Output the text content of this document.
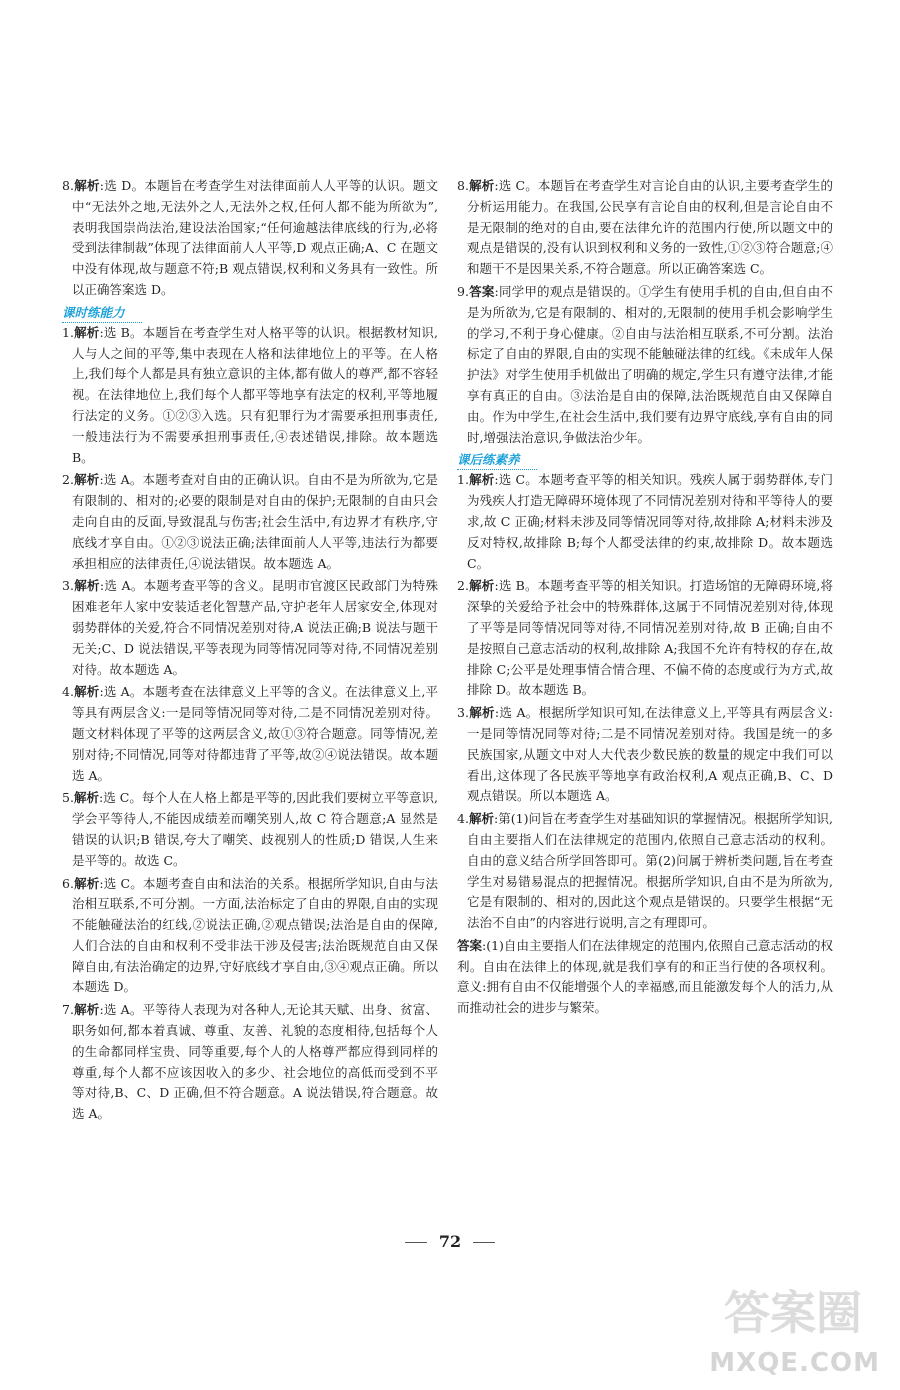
8.解析:选 D。本题旨在考查学生对法律面前人人平等的认识。题文中“无法外之地,无法外之人,无法外之权,任何人都不能为所欲为”,表明我国崇尚法治,建设法治国家;“任何逾越法律底线的行为,必将受到法律制裁”体现了法律面前人人平等,D 观点正确;A、C 在题文中没有体现,故与题意不符;B 观点错误,权利和义务具有一致性。所以正确答案选 D。

课时练能力

1.解析:选 B。本题旨在考查学生对人格平等的认识。根据教材知识,人与人之间的平等,集中表现在人格和法律地位上的平等。在人格上,我们每个人都是具有独立意识的主体,都有做人的尊严,都不容轻视。在法律地位上,我们每个人都平等地享有法定的权利,平等地履行法定的义务。①②③入选。只有犯罪行为才需要承担刑事责任,一般违法行为不需要承担刑事责任,④表述错误,排除。故本题选 B。

2.解析:选 A。本题考查对自由的正确认识。自由不是为所欲为,它是有限制的、相对的;必要的限制是对自由的保护;无限制的自由只会走向自由的反面,导致混乱与伤害;社会生活中,有边界才有秩序,守底线才享自由。①②③说法正确;法律面前人人平等,违法行为都要承担相应的法律责任,④说法错误。故本题选 A。

3.解析:选 A。本题考查平等的含义。昆明市官渡区民政部门为特殊困难老年人家中安装适老化智慧产品,守护老年人居家安全,体现对弱势群体的关爱,符合不同情况差别对待,A 说法正确;B 说法与题干无关;C、D 说法错误,平等表现为同等情况同等对待,不同情况差别对待。故本题选 A。

4.解析:选 A。本题考查在法律意义上平等的含义。在法律意义上,平等具有两层含义:一是同等情况同等对待,二是不同情况差别对待。题文材料体现了平等的这两层含义,故①③符合题意。同等情况,差别对待;不同情况,同等对待都违背了平等,故②④说法错误。故本题选 A。

5.解析:选 C。每个人在人格上都是平等的,因此我们要树立平等意识,学会平等待人,不能因成绩差而嘲笑别人,故 C 符合题意;A 显然是错误的认识;B 错误,夸大了嘲笑、歧视别人的性质;D 错误,人生来是平等的。故选 C。

6.解析:选 C。本题考查自由和法治的关系。根据所学知识,自由与法治相互联系,不可分割。一方面,法治标定了自由的界限,自由的实现不能触碰法治的红线,②说法正确,②观点错误;法治是自由的保障,人们合法的自由和权利不受非法干涉及侵害;法治既规范自由又保障自由,有法治确定的边界,守好底线才享自由,③④观点正确。所以本题选 D。

7.解析:选 A。平等待人表现为对各种人,无论其天赋、出身、贫富、职务如何,都本着真诚、尊重、友善、礼貌的态度相待,包括每个人的生命都同样宝贵、同等重要,每个人的人格尊严都应得到同样的尊重,每个人都不应该因收入的多少、社会地位的高低而受到不平等对待,B、C、D 正确,但不符合题意。A 说法错误,符合题意。故选 A。

8.解析:选 C。本题旨在考查学生对言论自由的认识,主要考查学生的分析运用能力。在我国,公民享有言论自由的权利,但是言论自由不是无限制的绝对的自由,要在法律允许的范围内行使,所以题文中的观点是错误的,没有认识到权利和义务的一致性,①②③符合题意;④和题干不是因果关系,不符合题意。所以正确答案选 C。

9.答案:同学甲的观点是错误的。①学生有使用手机的自由,但自由不是为所欲为,它是有限制的、相对的,无限制的使用手机会影响学生的学习,不利于身心健康。②自由与法治相互联系,不可分割。法治标定了自由的界限,自由的实现不能触碰法律的红线。《未成年人保护法》对学生使用手机做出了明确的规定,学生只有遵守法律,才能享有真正的自由。③法治是自由的保障,法治既规范自由又保障自由。作为中学生,在社会生活中,我们要有边界守底线,享有自由的同时,增强法治意识,争做法治少年。

课后练素养

1.解析:选 C。本题考查平等的相关知识。残疾人属于弱势群体,专门为残疾人打造无障碍环境体现了不同情况差别对待和平等待人的要求,故 C 正确;材料未涉及同等情况同等对待,故排除 A;材料未涉及反对特权,故排除 B;每个人都受法律的约束,故排除 D。故本题选 C。

2.解析:选 B。本题考查平等的相关知识。打造场馆的无障碍环境,将深挚的关爱给予社会中的特殊群体,这属于不同情况差别对待,体现了平等是同等情况同等对待,不同情况差别对待,故 B 正确;自由不是按照自己意志活动的权利,故排除 A;我国不允许有特权的存在,故排除 C;公平是处理事情合情合理、不偏不倚的态度或行为方式,故排除 D。故本题选 B。

3.解析:选 A。根据所学知识可知,在法律意义上,平等具有两层含义:一是同等情况同等对待;二是不同情况差别对待。我国是统一的多民族国家,从题文中对人大代表少数民族的数量的规定中我们可以看出,这体现了各民族平等地享有政治权利,A 观点正确,B、C、D 观点错误。所以本题选 A。

4.解析:第(1)问旨在考查学生对基础知识的掌握情况。根据所学知识,自由主要指人们在法律规定的范围内,依照自己意志活动的权利。自由的意义结合所学回答即可。第(2)问属于辨析类问题,旨在考查学生对易错易混点的把握情况。根据所学知识,自由不是为所欲为,它是有限制的、相对的,因此这个观点是错误的。只要学生根据“无法治不自由”的内容进行说明,言之有理即可。

答案:(1)自由主要指人们在法律规定的范围内,依照自己意志活动的权利。自由在法律上的体现,就是我们享有的和正当行使的各项权利。意义:拥有自由不仅能增强个人的幸福感,而且能激发每个人的活力,从而推动社会的进步与繁荣。

72
答案圈
MXQE.COM
